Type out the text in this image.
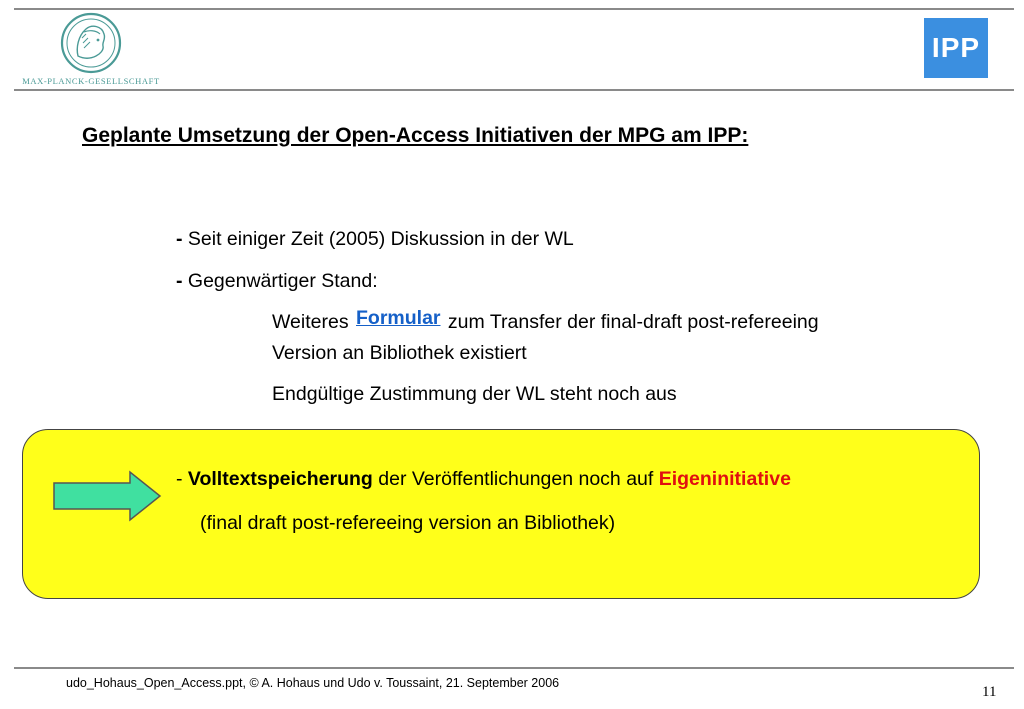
MAX-PLANCK-GESELLSCHAFT
IPP
Geplante Umsetzung der Open-Access Initiativen der MPG am IPP:
- Seit einiger Zeit (2005) Diskussion in der WL
- Gegenwärtiger Stand:
Weiteres Formular zum Transfer der final-draft post-refereeing
Version an Bibliothek existiert
Endgültige Zustimmung der WL steht noch aus
- Volltextspeicherung der Veröffentlichungen noch auf Eigeninitiative
(final draft post-refereeing version an Bibliothek)
udo_Hohaus_Open_Access.ppt, © A. Hohaus und Udo v. Toussaint, 21. September 2006
11
